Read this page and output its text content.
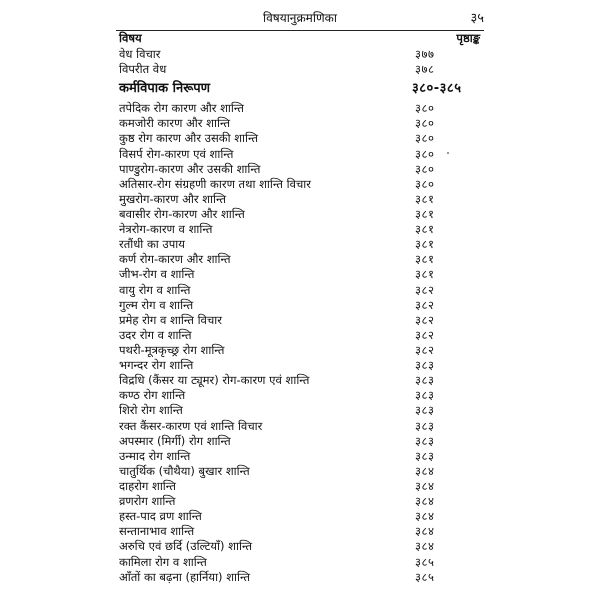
विषयानुक्रमणिका	३५
विषय	पृष्ठाङ्क
वेध विचार	३७७
विपरीत वेध	३७८
कर्मविपाक निरूपण	३८०-३८५
तपेदिक रोग कारण और शान्ति	३८०
कमजोरी कारण और शान्ति	३८०
कुष्ठ रोग कारण और उसकी शान्ति	३८०
विसर्प रोग-कारण एवं शान्ति	३८०
पाण्डुरोग-कारण और उसकी शान्ति	३८०
अतिसार-रोग संग्रहणी कारण तथा शान्ति विचार	३८०
मुखरोग-कारण और शान्ति	३८१
बवासीर रोग-कारण और शान्ति	३८१
नेत्ररोग-कारण व शान्ति	३८१
रतौंधी का उपाय	३८१
कर्ण रोग-कारण और शान्ति	३८१
जीभ-रोग व शान्ति	३८१
वायु रोग व शान्ति	३८२
गुल्म रोग व शान्ति	३८२
प्रमेह रोग व शान्ति विचार	३८२
उदर रोग व शान्ति	३८२
पथरी-मूत्रकृच्छ्र रोग शान्ति	३८२
भगन्दर रोग शान्ति	३८३
विद्रधि (कैंसर या ट्यूमर) रोग-कारण एवं शान्ति	३८३
कण्ठ रोग शान्ति	३८३
शिरो रोग शान्ति	३८३
रक्त कैंसर-कारण एवं शान्ति विचार	३८३
अपस्मार (मिर्गी) रोग शान्ति	३८३
उन्माद रोग शान्ति	३८३
चातुर्थिक (चौथैया) बुखार शान्ति	३८४
दाहरोग शान्ति	३८४
व्रणरोग शान्ति	३८४
हस्त-पाद व्रण शान्ति	३८४
सन्तानाभाव शान्ति	३८४
अरुचि एवं छर्दि (उल्टियाँ) शान्ति	३८४
कामिला रोग व शान्ति	३८५
आँतों का बढ़ना (हार्निया) शान्ति	३८५
